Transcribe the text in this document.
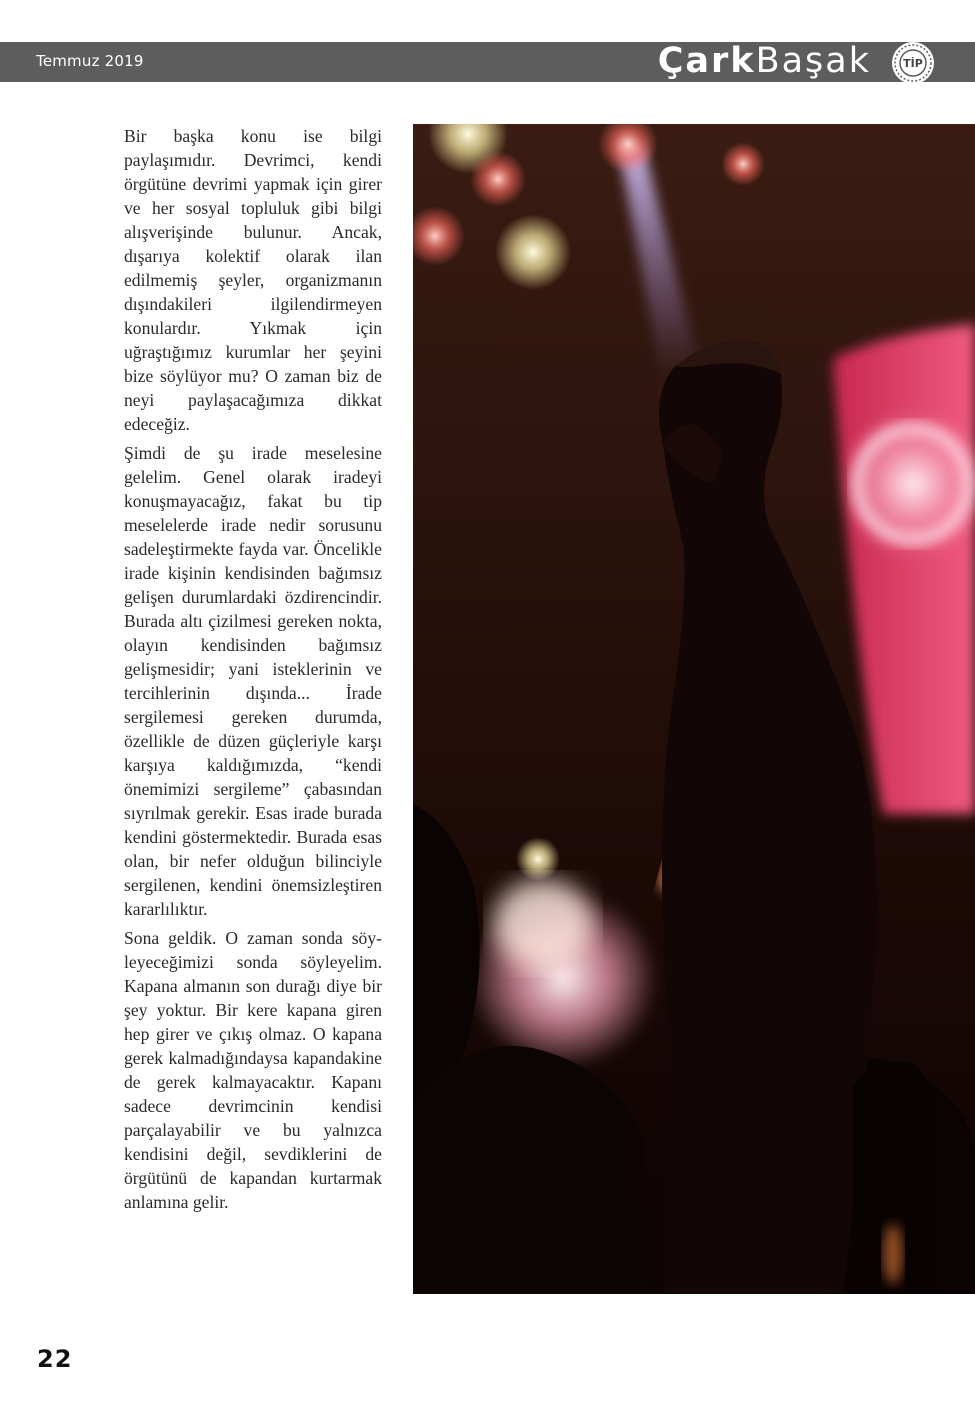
Temmuz 2019	ÇarkBaşak	TİP

Bir başka konu ise bilgi paylaşımıdır. Devrimci, kendi örgütüne devrimi yapmak için girer ve her sosyal topluluk gibi bilgi alışverişinde bulunur. Ancak, dışarıya kolektif olarak ilan edilmemiş şeyler, organizmanın dışındakileri ilgilendirmeyen konulardır. Yıkmak için uğraştığımız kurumlar her şeyini bize söylüyor mu? O zaman biz de neyi paylaşacağımıza dikkat edeceğiz.

Şimdi de şu irade meselesine gelelim. Genel olarak iradeyi konuşmayacağız, fakat bu tip meselelerde irade nedir sorusunu sadeleştirmekte fayda var. Öncelikle irade kişinin kendisinden bağımsız gelişen durumlardaki özdirencindir. Burada altı çizilmesi gereken nokta, olayın kendisinden bağımsız gelişmesidir; yani isteklerinin ve tercihlerinin dışında... İrade sergilemesi gereken durumda, özellikle de düzen güçleriyle karşı karşıya kaldığımızda, “kendi önemimizi sergileme” çabasından sıyrılmak gerekir. Esas irade burada kendini göstermektedir. Burada esas olan, bir nefer olduğun bilinciyle sergilenen, kendini önemsizleştiren kararlılıktır.

Sona geldik. O zaman sonda söyleyeceğimizi sonda söyleyelim. Kapana almanın son durağı diye bir şey yoktur. Bir kere kapana giren hep girer ve çıkış olmaz. O kapana gerek kalmadığındaysa kapandakine de gerek kalmayacaktır. Kapanı sadece devrimcinin kendisi parçalayabilir ve bu yalnızca kendisini değil, sevdiklerini de örgütünü de kapandan kurtarmak anlamına gelir.

22
